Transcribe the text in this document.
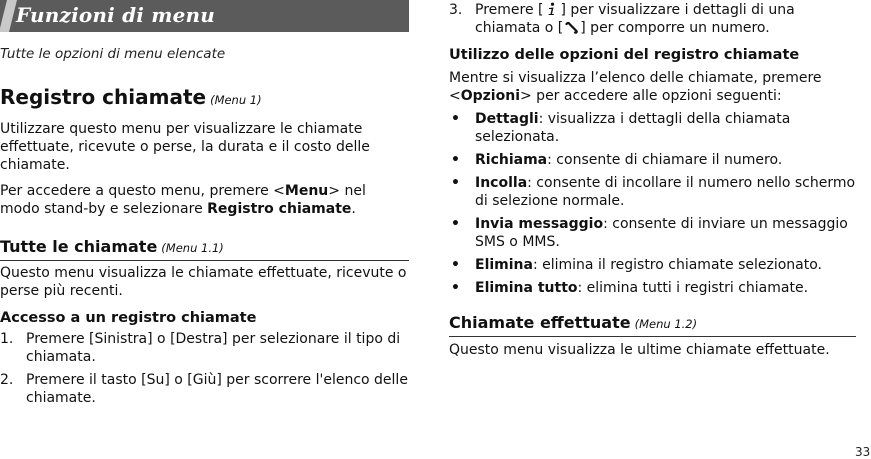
Funzioni di menu

Tutte le opzioni di menu elencate

Registro chiamate (Menu 1)

Utilizzare questo menu per visualizzare le chiamate effettuate, ricevute o perse, la durata e il costo delle chiamate.

Per accedere a questo menu, premere <Menu> nel modo stand-by e selezionare Registro chiamate.

Tutte le chiamate (Menu 1.1)

Questo menu visualizza le chiamate effettuate, ricevute o perse più recenti.

Accesso a un registro chiamate

1. Premere [Sinistra] o [Destra] per selezionare il tipo di chiamata.
2. Premere il tasto [Su] o [Giù] per scorrere l'elenco delle chiamate.
3. Premere [ ] per visualizzare i dettagli di una chiamata o [ ] per comporre un numero.

Utilizzo delle opzioni del registro chiamate

Mentre si visualizza l’elenco delle chiamate, premere <Opzioni> per accedere alle opzioni seguenti:

• Dettagli: visualizza i dettagli della chiamata selezionata.
• Richiama: consente di chiamare il numero.
• Incolla: consente di incollare il numero nello schermo di selezione normale.
• Invia messaggio: consente di inviare un messaggio SMS o MMS.
• Elimina: elimina il registro chiamate selezionato.
• Elimina tutto: elimina tutti i registri chiamate.
Chiamate effettuate (Menu 1.2)

Questo menu visualizza le ultime chiamate effettuate.

33
